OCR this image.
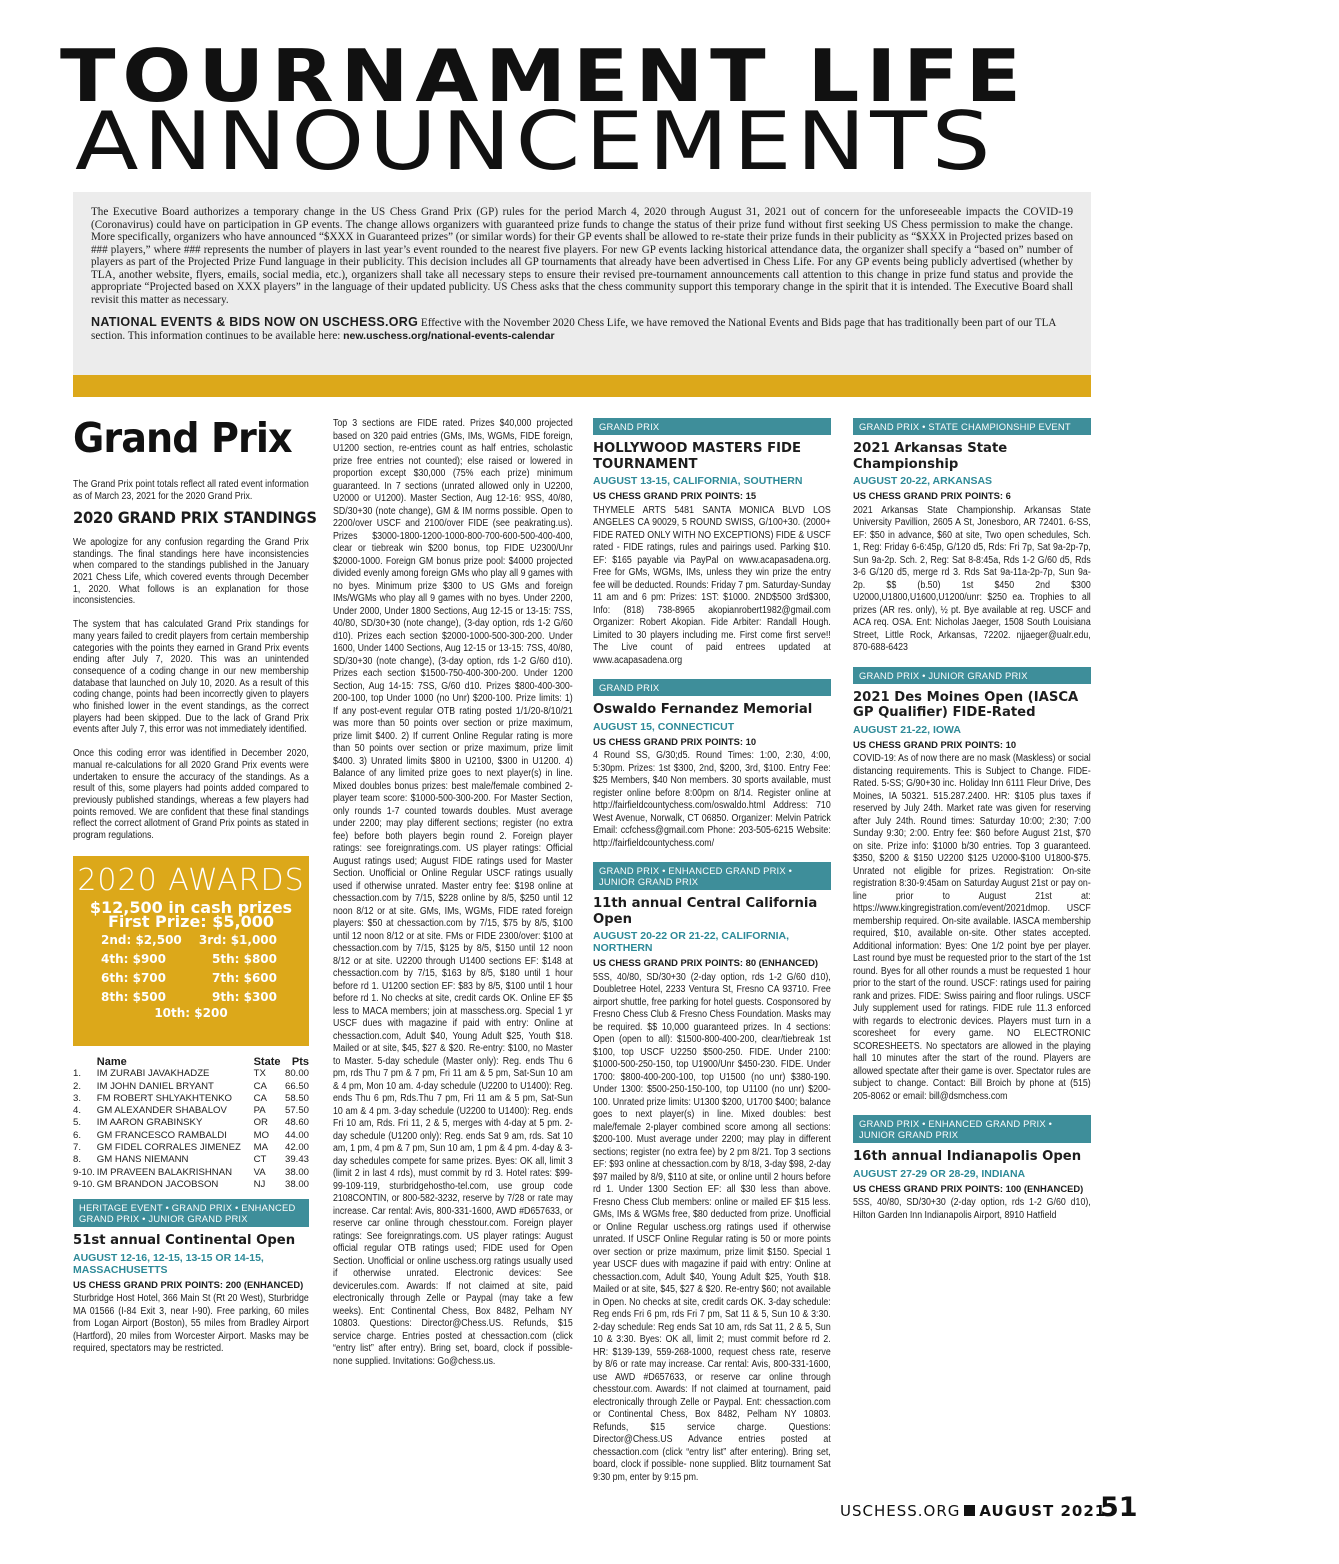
TOURNAMENT LIFE
ANNOUNCEMENTS

The Executive Board authorizes a temporary change in the US Chess Grand Prix (GP) rules for the period March 4, 2020 through August 31, 2021 out of concern for the unforeseeable impacts the COVID-19 (Coronavirus) could have on participation in GP events. The change allows organizers with guaranteed prize funds to change the status of their prize fund without first seeking US Chess permission to make the change. More specifically, organizers who have announced “$XXX in Guaranteed prizes” (or similar words) for their GP events shall be allowed to re-state their prize funds in their publicity as “$XXX in Projected prizes based on ### players,” where ### represents the number of players in last year’s event rounded to the nearest five players. For new GP events lacking historical attendance data, the organizer shall specify a “based on” number of players as part of the Projected Prize Fund language in their publicity. This decision includes all GP tournaments that already have been advertised in Chess Life. For any GP events being publicly advertised (whether by TLA, another website, flyers, emails, social media, etc.), organizers shall take all necessary steps to ensure their revised pre-tournament announcements call attention to this change in prize fund status and provide the appropriate “Projected based on XXX players” in the language of their updated publicity. US Chess asks that the chess community support this temporary change in the spirit that it is intended. The Executive Board shall revisit this matter as necessary.

NATIONAL EVENTS & BIDS NOW ON USCHESS.ORG Effective with the November 2020 Chess Life, we have removed the National Events and Bids page that has traditionally been part of our TLA section. This information continues to be available here: new.uschess.org/national-events-calendar

Grand Prix

The Grand Prix point totals reflect all rated event information as of March 23, 2021 for the 2020 Grand Prix.

2020 GRAND PRIX STANDINGS

We apologize for any confusion regarding the Grand Prix standings. The final standings here have inconsistencies when compared to the standings published in the January 2021 Chess Life, which covered events through December 1, 2020. What follows is an explanation for those inconsistencies.

The system that has calculated Grand Prix standings for many years failed to credit players from certain membership categories with the points they earned in Grand Prix events ending after July 7, 2020. This was an unintended consequence of a coding change in our new membership database that launched on July 10, 2020. As a result of this coding change, points had been incorrectly given to players who finished lower in the event standings, as the correct players had been skipped. Due to the lack of Grand Prix events after July 7, this error was not immediately identified.

Once this coding error was identified in December 2020, manual re-calculations for all 2020 Grand Prix events were undertaken to ensure the accuracy of the standings. As a result of this, some players had points added compared to previously published standings, whereas a few players had points removed. We are confident that these final standings reflect the correct allotment of Grand Prix points as stated in program regulations.

2020 AWARDS
$12,500 in cash prizes
First Prize: $5,000
2nd: $2,500	3rd: $1,000
4th: $900	5th: $800
6th: $700	7th: $600
8th: $500	9th: $300
10th: $200
	Name	State	Pts
1.	IM ZURABI JAVAKHADZE	TX	80.00
2.	IM JOHN DANIEL BRYANT	CA	66.50
3.	FM ROBERT SHLYAKHTENKO	CA	58.50
4.	GM ALEXANDER SHABALOV	PA	57.50
5.	IM AARON GRABINSKY	OR	48.60
6.	GM FRANCESCO RAMBALDI	MO	44.00
7.	GM FIDEL CORRALES JIMENEZ	MA	42.00
8.	GM HANS NIEMANN	CT	39.43
9-10.	IM PRAVEEN BALAKRISHNAN	VA	38.00
9-10.	GM BRANDON JACOBSON	NJ	38.00
HERITAGE EVENT • GRAND PRIX • ENHANCED GRAND PRIX • JUNIOR GRAND PRIX
51st annual Continental Open
AUGUST 12-16, 12-15, 13-15 OR 14-15, MASSACHUSETTS
US CHESS GRAND PRIX POINTS: 200 (ENHANCED)
Sturbridge Host Hotel, 366 Main St (Rt 20 West), Sturbridge MA 01566 (I-84 Exit 3, near I-90). Free parking, 60 miles from Logan Airport (Boston), 55 miles from Bradley Airport (Hartford), 20 miles from Worcester Airport. Masks may be required, spectators may be restricted.
Top 3 sections are FIDE rated. Prizes $40,000 projected based on 320 paid entries (GMs, IMs, WGMs, FIDE foreign, U1200 section, re-entries count as half entries, scholastic prize free entries not counted); else raised or lowered in proportion except $30,000 (75% each prize) minimum guaranteed. In 7 sections (unrated allowed only in U2200, U2000 or U1200). Master Section, Aug 12-16: 9SS, 40/80, SD/30+30 (note change), GM & IM norms possible. Open to 2200/over USCF and 2100/over FIDE (see peakrating.us). Prizes $3000-1800-1200-1000-800-700-600-500-400-400, clear or tiebreak win $200 bonus, top FIDE U2300/Unr $2000-1000. Foreign GM bonus prize pool: $4000 projected divided evenly among foreign GMs who play all 9 games with no byes. Minimum prize $300 to US GMs and foreign IMs/WGMs who play all 9 games with no byes. Under 2200, Under 2000, Under 1800 Sections, Aug 12-15 or 13-15: 7SS, 40/80, SD/30+30 (note change), (3-day option, rds 1-2 G/60 d10). Prizes each section $2000-1000-500-300-200. Under 1600, Under 1400 Sections, Aug 12-15 or 13-15: 7SS, 40/80, SD/30+30 (note change), (3-day option, rds 1-2 G/60 d10). Prizes each section $1500-750-400-300-200. Under 1200 Section, Aug 14-15: 7SS, G/60 d10. Prizes $800-400-300-200-100, top Under 1000 (no Unr) $200-100. Prize limits: 1) If any post-event regular OTB rating posted 1/1/20-8/10/21 was more than 50 points over section or prize maximum, prize limit $400. 2) If current Online Regular rating is more than 50 points over section or prize maximum, prize limit $400. 3) Unrated limits $800 in U2100, $300 in U1200. 4) Balance of any limited prize goes to next player(s) in line. Mixed doubles bonus prizes: best male/female combined 2-player team score: $1000-500-300-200. For Master Section, only rounds 1-7 counted towards doubles. Must average under 2200; may play different sections; register (no extra fee) before both players begin round 2. Foreign player ratings: see foreignratings.com. US player ratings: Official August ratings used; August FIDE ratings used for Master Section. Unofficial or Online Regular USCF ratings usually used if otherwise unrated. Master entry fee: $198 online at chessaction.com by 7/15, $228 online by 8/5, $250 until 12 noon 8/12 or at site. GMs, IMs, WGMs, FIDE rated foreign players: $50 at chessaction.com by 7/15, $75 by 8/5, $100 until 12 noon 8/12 or at site. FMs or FIDE 2300/over: $100 at chessaction.com by 7/15, $125 by 8/5, $150 until 12 noon 8/12 or at site. U2200 through U1400 sections EF: $148 at chessaction.com by 7/15, $163 by 8/5, $180 until 1 hour before rd 1. U1200 section EF: $83 by 8/5, $100 until 1 hour before rd 1. No checks at site, credit cards OK. Online EF $5 less to MACA members; join at masschess.org. Special 1 yr USCF dues with magazine if paid with entry: Online at chessaction.com, Adult $40, Young Adult $25, Youth $18. Mailed or at site, $45, $27 & $20. Re-entry: $100, no Master to Master. 5-day schedule (Master only): Reg. ends Thu 6 pm, rds Thu 7 pm & 7 pm, Fri 11 am & 5 pm, Sat-Sun 10 am & 4 pm, Mon 10 am. 4-day schedule (U2200 to U1400): Reg. ends Thu 6 pm, Rds.Thu 7 pm, Fri 11 am & 5 pm, Sat-Sun 10 am & 4 pm. 3-day schedule (U2200 to U1400): Reg. ends Fri 10 am, Rds. Fri 11, 2 & 5, merges with 4-day at 5 pm. 2-day schedule (U1200 only): Reg. ends Sat 9 am, rds. Sat 10 am, 1 pm, 4 pm & 7 pm, Sun 10 am, 1 pm & 4 pm. 4-day & 3-day schedules compete for same prizes. Byes: OK all, limit 3 (limit 2 in last 4 rds), must commit by rd 3. Hotel rates: $99-99-109-119, sturbridgehostho-tel.com, use group code 2108CONTIN, or 800-582-3232, reserve by 7/28 or rate may increase. Car rental: Avis, 800-331-1600, AWD #D657633, or reserve car online through chesstour.com. Foreign player ratings: See foreignratings.com. US player ratings: August official regular OTB ratings used; FIDE used for Open Section. Unofficial or online uschess.org ratings usually used if otherwise unrated. Electronic devices: See devicerules.com. Awards: If not claimed at site, paid electronically through Zelle or Paypal (may take a few weeks). Ent: Continental Chess, Box 8482, Pelham NY 10803. Questions: Director@Chess.US. Refunds, $15 service charge. Entries posted at chessaction.com (click “entry list” after entry). Bring set, board, clock if possible- none supplied. Invitations: Go@chess.us.
GRAND PRIX
HOLLYWOOD MASTERS FIDE TOURNAMENT
AUGUST 13-15, CALIFORNIA, SOUTHERN
US CHESS GRAND PRIX POINTS: 15
THYMELE ARTS 5481 SANTA MONICA BLVD LOS ANGELES CA 90029, 5 ROUND SWISS, G/100+30. (2000+ FIDE RATED ONLY WITH NO EXCEPTIONS) FIDE & USCF rated - FIDE ratings, rules and pairings used. Parking $10. EF: $165 payable via PayPal on www.acapasadena.org. Free for GMs, WGMs, IMs, unless they win prize the entry fee will be deducted. Rounds: Friday 7 pm. Saturday-Sunday 11 am and 6 pm: Prizes: 1ST: $1000. 2ND$500 3rd$300, Info: (818) 738-8965 akopianrobert1982@gmail.com Organizer: Robert Akopian. Fide Arbiter: Randall Hough. Limited to 30 players including me. First come first serve!! The Live count of paid entrees updated at www.acapasadena.org
GRAND PRIX
Oswaldo Fernandez Memorial
AUGUST 15, CONNECTICUT
US CHESS GRAND PRIX POINTS: 10
4 Round SS, G/30;d5. Round Times: 1:00, 2:30, 4:00, 5:30pm. Prizes: 1st $300, 2nd, $200, 3rd, $100. Entry Fee: $25 Members, $40 Non members. 30 sports available, must register online before 8:00pm on 8/14. Register online at http://fairfieldcountychess.com/oswaldo.html Address: 710 West Avenue, Norwalk, CT 06850. Organizer: Melvin Patrick Email: ccfchess@gmail.com Phone: 203-505-6215 Website: http://fairfieldcountychess.com/
GRAND PRIX • ENHANCED GRAND PRIX • JUNIOR GRAND PRIX
11th annual Central California Open
AUGUST 20-22 OR 21-22, CALIFORNIA, NORTHERN
US CHESS GRAND PRIX POINTS: 80 (ENHANCED)
5SS, 40/80, SD/30+30 (2-day option, rds 1-2 G/60 d10), Doubletree Hotel, 2233 Ventura St, Fresno CA 93710. Free airport shuttle, free parking for hotel guests. Cosponsored by Fresno Chess Club & Fresno Chess Foundation. Masks may be required. $$ 10,000 guaranteed prizes. In 4 sections: Open (open to all): $1500-800-400-200, clear/tiebreak 1st $100, top USCF U2250 $500-250. FIDE. Under 2100: $1000-500-250-150, top U1900/Unr $450-230. FIDE. Under 1700: $800-400-200-100, top U1500 (no unr) $380-190. Under 1300: $500-250-150-100, top U1100 (no unr) $200-100. Unrated prize limits: U1300 $200, U1700 $400; balance goes to next player(s) in line. Mixed doubles: best male/female 2-player combined score among all sections: $200-100. Must average under 2200; may play in different sections; register (no extra fee) by 2 pm 8/21. Top 3 sections EF: $93 online at chessaction.com by 8/18, 3-day $98, 2-day $97 mailed by 8/9, $110 at site, or online until 2 hours before rd 1. Under 1300 Section EF: all $30 less than above. Fresno Chess Club members: online or mailed EF $15 less. GMs, IMs & WGMs free, $80 deducted from prize. Unofficial or Online Regular uschess.org ratings used if otherwise unrated. If USCF Online Regular rating is 50 or more points over section or prize maximum, prize limit $150. Special 1 year USCF dues with magazine if paid with entry: Online at chessaction.com, Adult $40, Young Adult $25, Youth $18. Mailed or at site, $45, $27 & $20. Re-entry $60; not available in Open. No checks at site, credit cards OK. 3-day schedule: Reg ends Fri 6 pm, rds Fri 7 pm, Sat 11 & 5, Sun 10 & 3:30. 2-day schedule: Reg ends Sat 10 am, rds Sat 11, 2 & 5, Sun 10 & 3:30. Byes: OK all, limit 2; must commit before rd 2. HR: $139-139, 559-268-1000, request chess rate, reserve by 8/6 or rate may increase. Car rental: Avis, 800-331-1600, use AWD #D657633, or reserve car online through chesstour.com. Awards: If not claimed at tournament, paid electronically through Zelle or Paypal. Ent: chessaction.com or Continental Chess, Box 8482, Pelham NY 10803. Refunds, $15 service charge. Questions: Director@Chess.US Advance entries posted at chessaction.com (click “entry list” after entering). Bring set, board, clock if possible- none supplied. Blitz tournament Sat 9:30 pm, enter by 9:15 pm.
GRAND PRIX • STATE CHAMPIONSHIP EVENT
2021 Arkansas State Championship
AUGUST 20-22, ARKANSAS
US CHESS GRAND PRIX POINTS: 6
2021 Arkansas State Championship. Arkansas State University Pavillion, 2605 A St, Jonesboro, AR 72401. 6-SS, EF: $50 in advance, $60 at site, Two open schedules, Sch. 1, Reg: Friday 6-6:45p, G/120 d5, Rds: Fri 7p, Sat 9a-2p-7p, Sun 9a-2p. Sch. 2, Reg: Sat 8-8:45a, Rds 1-2 G/60 d5, Rds 3-6 G/120 d5, merge rd 3. Rds Sat 9a-11a-2p-7p, Sun 9a-2p. $$ (b.50) 1st $450 2nd $300 U2000,U1800,U1600,U1200/unr: $250 ea. Trophies to all prizes (AR res. only), ½ pt. Bye available at reg. USCF and ACA req. OSA. Ent: Nicholas Jaeger, 1508 South Louisiana Street, Little Rock, Arkansas, 72202. njjaeger@ualr.edu, 870-688-6423
GRAND PRIX • JUNIOR GRAND PRIX
2021 Des Moines Open (IASCA GP Qualifier) FIDE-Rated
AUGUST 21-22, IOWA
US CHESS GRAND PRIX POINTS: 10
COVID-19: As of now there are no mask (Maskless) or social distancing requirements. This is Subject to Change. FIDE-Rated. 5-SS; G/90+30 inc. Holiday Inn 6111 Fleur Drive, Des Moines, IA 50321. 515.287.2400. HR: $105 plus taxes if reserved by July 24th. Market rate was given for reserving after July 24th. Round times: Saturday 10:00; 2:30; 7:00 Sunday 9:30; 2:00. Entry fee: $60 before August 21st, $70 on site. Prize info: $1000 b/30 entries. Top 3 guaranteed. $350, $200 & $150 U2200 $125 U2000-$100 U1800-$75. Unrated not eligible for prizes. Registration: On-site registration 8:30-9:45am on Saturday August 21st or pay on-line prior to August 21st at: https://www.kingregistration.com/event/2021dmop. USCF membership required. On-site available. IASCA membership required, $10, available on-site. Other states accepted. Additional information: Byes: One 1/2 point bye per player. Last round bye must be requested prior to the start of the 1st round. Byes for all other rounds a must be requested 1 hour prior to the start of the round. USCF: ratings used for pairing rank and prizes. FIDE: Swiss pairing and floor rulings. USCF July supplement used for ratings. FIDE rule 11.3 enforced with regards to electronic devices. Players must turn in a scoresheet for every game. NO ELECTRONIC SCORESHEETS. No spectators are allowed in the playing hall 10 minutes after the start of the round. Players are allowed spectate after their game is over. Spectator rules are subject to change. Contact: Bill Broich by phone at (515) 205-8062 or email: bill@dsmchess.com
GRAND PRIX • ENHANCED GRAND PRIX • JUNIOR GRAND PRIX
16th annual Indianapolis Open
AUGUST 27-29 OR 28-29, INDIANA
US CHESS GRAND PRIX POINTS: 100 (ENHANCED)
5SS, 40/80, SD/30+30 (2-day option, rds 1-2 G/60 d10), Hilton Garden Inn Indianapolis Airport, 8910 Hatfield
USCHESS.ORG AUGUST 2021
51
